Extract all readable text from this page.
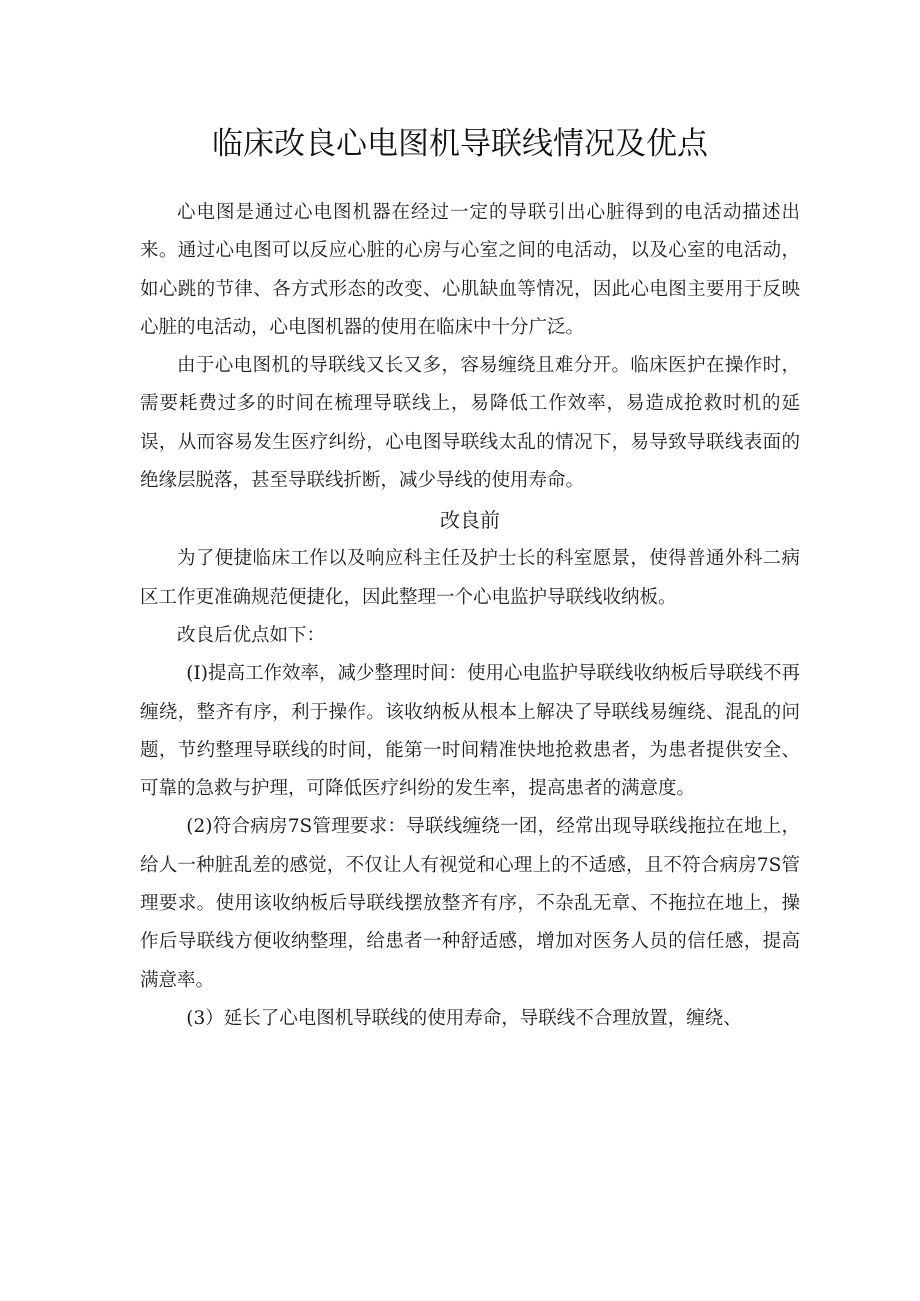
临床改良心电图机导联线情况及优点

心电图是通过心电图机器在经过一定的导联引出心脏得到的电活动描述出来。通过心电图可以反应心脏的心房与心室之间的电活动，以及心室的电活动，如心跳的节律、各方式形态的改变、心肌缺血等情况，因此心电图主要用于反映心脏的电活动，心电图机器的使用在临床中十分广泛。

由于心电图机的导联线又长又多，容易缠绕且难分开。临床医护在操作时，需要耗费过多的时间在梳理导联线上，易降低工作效率，易造成抢救时机的延误，从而容易发生医疗纠纷，心电图导联线太乱的情况下，易导致导联线表面的绝缘层脱落，甚至导联线折断，减少导线的使用寿命。

改良前

为了便捷临床工作以及响应科主任及护士长的科室愿景，使得普通外科二病区工作更准确规范便捷化，因此整理一个心电监护导联线收纳板。

改良后优点如下：

(I)提高工作效率，减少整理时间：使用心电监护导联线收纳板后导联线不再缠绕，整齐有序，利于操作。该收纳板从根本上解决了导联线易缠绕、混乱的问题，节约整理导联线的时间，能第一时间精准快地抢救患者，为患者提供安全、可靠的急救与护理，可降低医疗纠纷的发生率，提高患者的满意度。

(2)符合病房7S管理要求：导联线缠绕一团，经常出现导联线拖拉在地上，给人一种脏乱差的感觉，不仅让人有视觉和心理上的不适感，且不符合病房7S管理要求。使用该收纳板后导联线摆放整齐有序，不杂乱无章、不拖拉在地上，操作后导联线方便收纳整理，给患者一种舒适感，增加对医务人员的信任感，提高满意率。

(3）延长了心电图机导联线的使用寿命，导联线不合理放置，缠绕、
